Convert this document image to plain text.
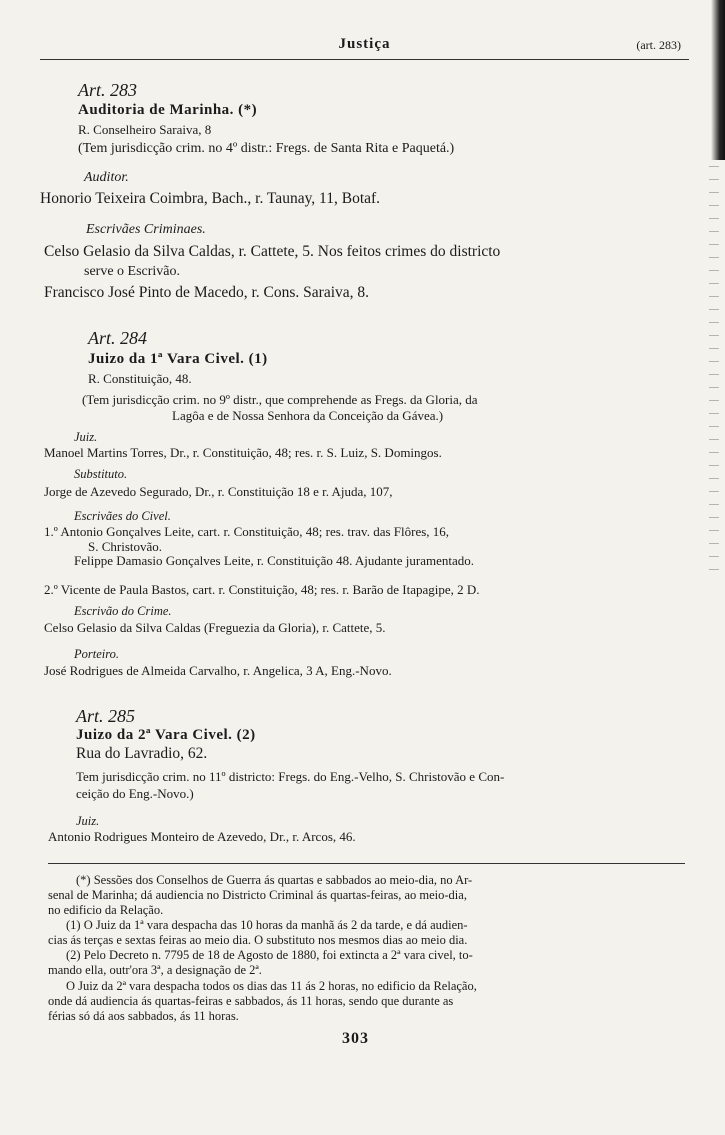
Justiça	(art. 283)
Art. 283
Auditoria de Marinha. (*)
R. Conselheiro Saraiva, 8
(Tem jurisdicção crim. no 4º distr.: Fregs. de Santa Rita e Paquetá.)
Auditor.
Honorio Teixeira Coimbra, Bach., r. Taunay, 11, Botaf.
Escrivães Criminaes.
Celso Gelasio da Silva Caldas, r. Cattete, 5. Nos feitos crimes do districto
serve o Escrivão.
Francisco José Pinto de Macedo, r. Cons. Saraiva, 8.
Art. 284
Juizo da 1ª Vara Civel. (1)
R. Constituição, 48.
(Tem jurisdicção crim. no 9º distr., que comprehende as Fregs. da Gloria, da
Lagôa e de Nossa Senhora da Conceição da Gávea.)
Juiz.
Manoel Martins Torres, Dr., r. Constituição, 48; res. r. S. Luiz, S. Domingos.
Substituto.
Jorge de Azevedo Segurado, Dr., r. Constituição 18 e r. Ajuda, 107,
Escrivães do Civel.
1.º Antonio Gonçalves Leite, cart. r. Constituição, 48; res. trav. das Flôres, 16,
S. Christovão.
Felippe Damasio Gonçalves Leite, r. Constituição 48. Ajudante juramentado.
2.º Vicente de Paula Bastos, cart. r. Constituição, 48; res. r. Barão de Itapagipe, 2 D.
Escrivão do Crime.
Celso Gelasio da Silva Caldas (Freguezia da Gloria), r. Cattete, 5.
Porteiro.
José Rodrigues de Almeida Carvalho, r. Angelica, 3 A, Eng.-Novo.
Art. 285
Juizo da 2ª Vara Civel. (2)
Rua do Lavradio, 62.
Tem jurisdicção crim. no 11º districto: Fregs. do Eng.-Velho, S. Christovão e Con-
ceição do Eng.-Novo.)
Juiz.
Antonio Rodrigues Monteiro de Azevedo, Dr., r. Arcos, 46.
(*) Sessões dos Conselhos de Guerra ás quartas e sabbados ao meio-dia, no Ar-
senal de Marinha; dá audiencia no Districto Criminal ás quartas-feiras, ao meio-dia,
no edificio da Relação.
(1) O Juiz da 1ª vara despacha das 10 horas da manhã ás 2 da tarde, e dá audien-
cias ás terças e sextas feiras ao meio dia. O substituto nos mesmos dias ao meio dia.
(2) Pelo Decreto n. 7795 de 18 de Agosto de 1880, foi extincta a 2ª vara civel, to-
mando ella, outr'ora 3ª, a designação de 2ª.
O Juiz da 2ª vara despacha todos os dias das 11 ás 2 horas, no edificio da Relação,
onde dá audiencia ás quartas-feiras e sabbados, ás 11 horas, sendo que durante as
férias só dá aos sabbados, ás 11 horas.
303
